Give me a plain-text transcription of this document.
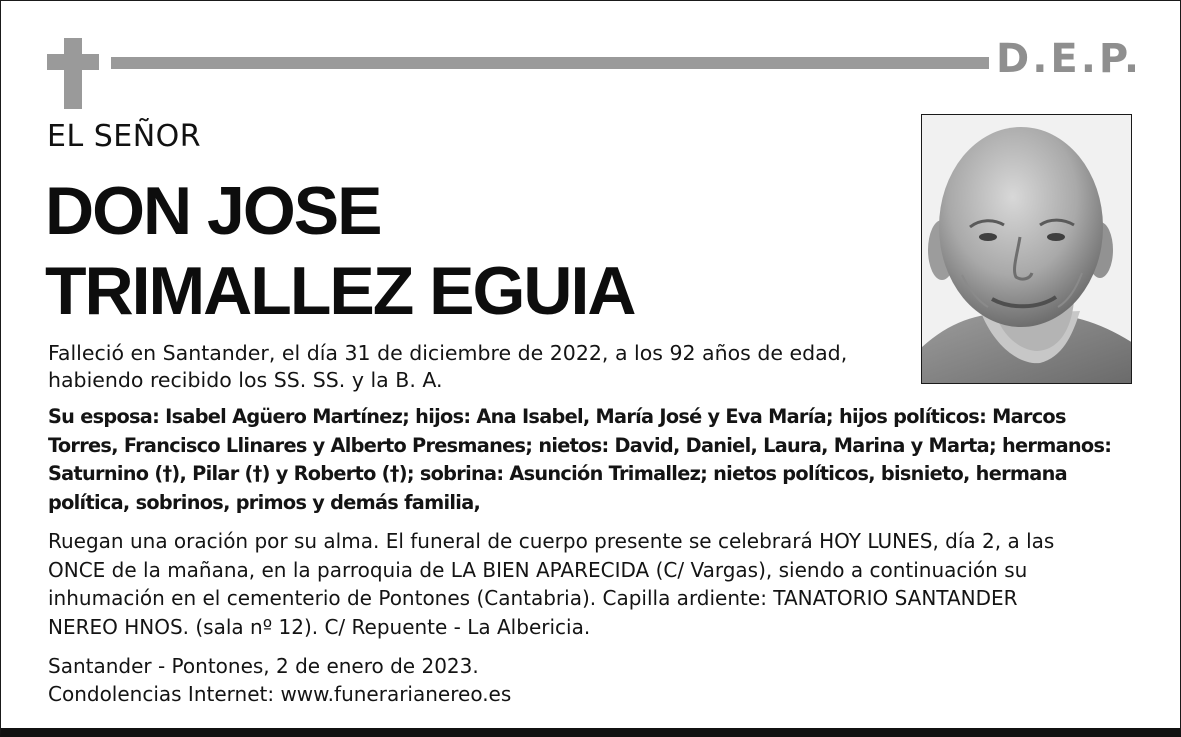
D.E.P.
EL SEÑOR
DON JOSE
TRIMALLEZ EGUIA
Falleció en Santander, el día 31 de diciembre de 2022, a los 92 años de edad,
habiendo recibido los SS. SS. y la B. A.
Su esposa: Isabel Agüero Martínez; hijos: Ana Isabel, María José y Eva María; hijos políticos: Marcos
Torres, Francisco Llinares y Alberto Presmanes; nietos: David, Daniel, Laura, Marina y Marta; hermanos:
Saturnino (†), Pilar (†) y Roberto (†); sobrina: Asunción Trimallez; nietos políticos, bisnieto, hermana
política, sobrinos, primos y demás familia,
Ruegan una oración por su alma. El funeral de cuerpo presente se celebrará HOY LUNES, día 2, a las
ONCE de la mañana, en la parroquia de LA BIEN APARECIDA (C/ Vargas), siendo a continuación su
inhumación en el cementerio de Pontones (Cantabria). Capilla ardiente: TANATORIO SANTANDER
NEREO HNOS. (sala nº 12). C/ Repuente - La Albericia.
Santander - Pontones, 2 de enero de 2023.
Condolencias Internet: www.funerarianereo.es
